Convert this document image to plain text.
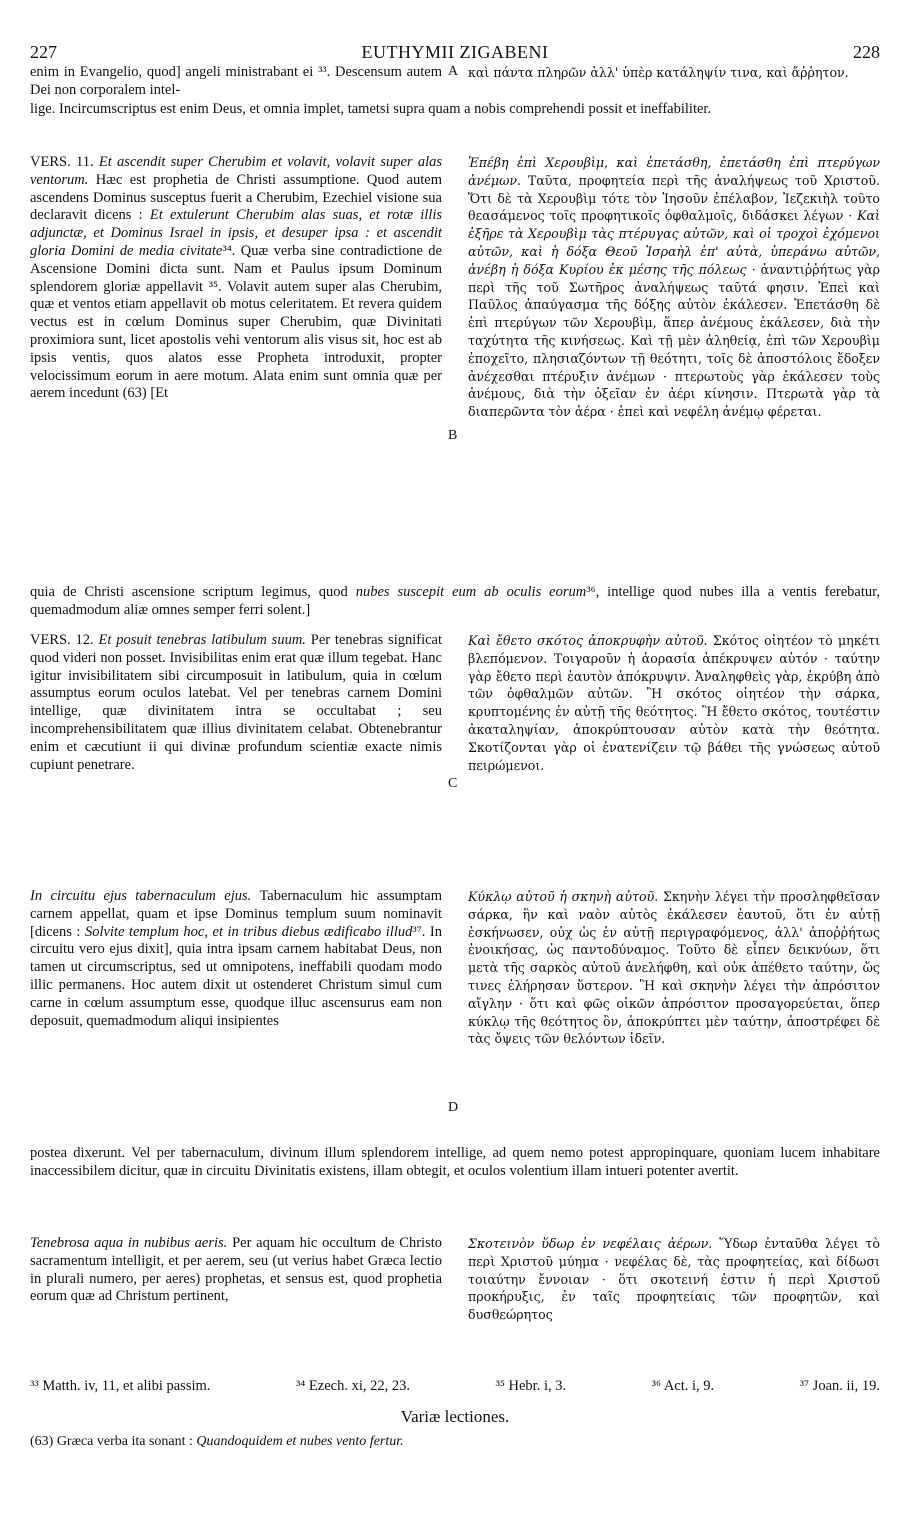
227	EUTHYMII ZIGABENI	228

enim in Evangelio, quod] angeli ministrabant ei ³³. Descensum autem Dei non corporalem intel-

A καὶ πάντα πληρῶν ἀλλ' ὑπὲρ κατάληψίν τινα, καὶ ἄῤῥητον.

lige. Incircumscriptus est enim Deus, et omnia implet, tametsi supra quam a nobis comprehendi possit et ineffabiliter.

VERS. 11. Et ascendit super Cherubim et volavit, volavit super alas ventorum. Hæc est prophetia de Christi assumptione. Quod autem ascendens Dominus susceptus fuerit a Cherubim, Ezechiel visione sua declaravit dicens : Et extulerunt Cherubim alas suas, et rotæ illis adjunctæ, et Dominus Israel in ipsis, et desuper ipsa : et ascendit gloria Domini de media civitate³⁴. Quæ verba sine contradictione de Ascensione Domini dicta sunt. Nam et Paulus ipsum Dominum splendorem gloriæ appellavit ³⁵. Volavit autem super alas Cherubim, quæ et ventos etiam appellavit ob motus celeritatem. Et revera quidem vectus est in cœlum Dominus super Cherubim, quæ Divinitati proximiora sunt, licet apostolis vehi ventorum alis visus sit, hoc est ab ipsis ventis, quos alatos esse Propheta introduxit, propter velocissimum eorum in aere motum. Alata enim sunt omnia quæ per aerem incedunt (63) [Et

B

Ἐπέβη ἐπὶ Χερουβὶμ, καὶ ἐπετάσθη, ἐπετάσθη ἐπὶ πτερύγων ἀνέμων. Ταῦτα, προφητεία περὶ τῆς ἀναλήψεως τοῦ Χριστοῦ. Ὅτι δὲ τὰ Χερουβὶμ τότε τὸν Ἰησοῦν ἐπέλαβον, Ἰεζεκιὴλ τοῦτο θεασάμενος τοῖς προφητικοῖς ὀφθαλμοῖς, διδάσκει λέγων · Καὶ ἐξῆρε τὰ Χερουβὶμ τὰς πτέρυγας αὐτῶν, καὶ οἱ τροχοὶ ἐχόμενοι αὐτῶν, καὶ ἡ δόξα Θεοῦ Ἰσραὴλ ἐπ' αὐτὰ, ὑπεράνω αὐτῶν, ἀνέβη ἡ δόξα Κυρίου ἐκ μέσης τῆς πόλεως · ἀναντιῤῥήτως γὰρ περὶ τῆς τοῦ Σωτῆρος ἀναλήψεως ταῦτά φησιν. Ἐπεὶ καὶ Παῦλος ἀπαύγασμα τῆς δόξης αὐτὸν ἐκάλεσεν. Ἐπετάσθη δὲ ἐπὶ πτερύγων τῶν Χερουβὶμ, ἅπερ ἀνέμους ἐκάλεσεν, διὰ τὴν ταχύτητα τῆς κινήσεως. Καὶ τῇ μὲν ἀληθείᾳ, ἐπὶ τῶν Χερουβὶμ ἐποχεῖτο, πλησιαζόντων τῇ θεότητι, τοῖς δὲ ἀποστόλοις ἔδοξεν ἀνέχεσθαι πτέρυξιν ἀνέμων · πτερωτοὺς γὰρ ἐκάλεσεν τοὺς ἀνέμους, διὰ τὴν ὀξεῖαν ἐν ἀέρι κίνησιν. Πτερωτὰ γὰρ τὰ διαπερῶντα τὸν ἀέρα · ἐπεὶ καὶ νεφέλη ἀνέμῳ φέρεται.

quia de Christi ascensione scriptum legimus, quod nubes suscepit eum ab oculis eorum³⁶, intellige quod nubes illa a ventis ferebatur, quemadmodum aliæ omnes semper ferri solent.]

VERS. 12. Et posuit tenebras latibulum suum. Per tenebras significat quod videri non posset. Invisibilitas enim erat quæ illum tegebat. Hanc igitur invisibilitatem sibi circumposuit in latibulum, quia in cœlum assumptus eorum oculos latebat. Vel per tenebras carnem Domini intellige, quæ divinitatem intra se occultabat ; seu incomprehensibilitatem quæ illius divinitatem celabat. Obtenebrantur enim et cæcutiunt ii qui divinæ profundum scientiæ exacte nimis cupiunt penetrare.

C

Καὶ ἔθετο σκότος ἀποκρυφὴν αὐτοῦ. Σκότος οἰητέον τὸ μηκέτι βλεπόμενον. Τοιγαροῦν ἡ ἀορασία ἀπέκρυψεν αὐτόν · ταύτην γὰρ ἔθετο περὶ ἑαυτὸν ἀπόκρυψιν. Ἀναληφθεὶς γὰρ, ἐκρύβη ἀπὸ τῶν ὀφθαλμῶν αὐτῶν. Ἢ σκότος οἰητέον τὴν σάρκα, κρυπτομένης ἐν αὐτῇ τῆς θεότητος. Ἢ ἔθετο σκότος, τουτέστιν ἀκαταληψίαν, ἀποκρύπτουσαν αὐτὸν κατὰ τὴν θεότητα. Σκοτίζονται γὰρ οἱ ἐνατενίζειν τῷ βάθει τῆς γνώσεως αὐτοῦ πειρώμενοι.

In circuitu ejus tabernaculum ejus. Tabernaculum hic assumptam carnem appellat, quam et ipse Dominus templum suum nominavit [dicens : Solvite templum hoc, et in tribus diebus ædificabo illud³⁷. In circuitu vero ejus dixit], quia intra ipsam carnem habitabat Deus, non tamen ut circumscriptus, sed ut omnipotens, ineffabili quodam modo illic permanens. Hoc autem dixit ut ostenderet Christum simul cum carne in cœlum assumptum esse, quodque illuc ascensurus eam non deposuit, quemadmodum aliqui insipientes

D

Κύκλῳ αὐτοῦ ἡ σκηνὴ αὐτοῦ. Σκηνὴν λέγει τὴν προσληφθεῖσαν σάρκα, ἣν καὶ ναὸν αὐτὸς ἐκάλεσεν ἑαυτοῦ, ὅτι ἐν αὐτῇ ἐσκήνωσεν, οὐχ ὡς ἐν αὐτῇ περιγραφόμενος, ἀλλ' ἀποῤῥήτως ἐνοικήσας, ὡς παντοδύναμος. Τοῦτο δὲ εἶπεν δεικνύων, ὅτι μετὰ τῆς σαρκὸς αὐτοῦ ἀνελήφθη, καὶ οὐκ ἀπέθετο ταύτην, ὥς τινες ἐλήρησαν ὕστερον. Ἢ καὶ σκηνὴν λέγει τὴν ἀπρόσιτον αἴγλην · ὅτι καὶ φῶς οἰκῶν ἀπρόσιτον προσαγορεύεται, ὅπερ κύκλῳ τῆς θεότητος ὂν, ἀποκρύπτει μὲν ταύτην, ἀποστρέφει δὲ τὰς ὄψεις τῶν θελόντων ἰδεῖν.

postea dixerunt. Vel per tabernaculum, divinum illum splendorem intellige, ad quem nemo potest appropinquare, quoniam lucem inhabitare inaccessibilem dicitur, quæ in circuitu Divinitatis existens, illam obtegit, et oculos volentium illam intueri potenter avertit.

Tenebrosa aqua in nubibus aeris. Per aquam hic occultum de Christo sacramentum intelligit, et per aerem, seu (ut verius habet Græca lectio in plurali numero, per aeres) prophetas, et sensus est, quod prophetia eorum quæ ad Christum pertinent,

Σκοτεινὸν ὕδωρ ἐν νεφέλαις ἀέρων. Ὕδωρ ἐνταῦθα λέγει τὸ περὶ Χριστοῦ μύημα · νεφέλας δὲ, τὰς προφητείας, καὶ δίδωσι τοιαύτην ἔννοιαν · ὅτι σκοτεινή ἐστιν ἡ περὶ Χριστοῦ προκήρυξις, ἐν ταῖς προφητείαις τῶν προφητῶν, καὶ δυσθεώρητος

³³ Matth. iv, 11, et alibi passim.	³⁴ Ezech. xi, 22, 23.	³⁵ Hebr. i, 3.	³⁶ Act. i, 9.	³⁷ Joan. ii, 19.
Variæ lectiones.
(63) Græca verba ita sonant : Quandoquidem et nubes vento fertur.
